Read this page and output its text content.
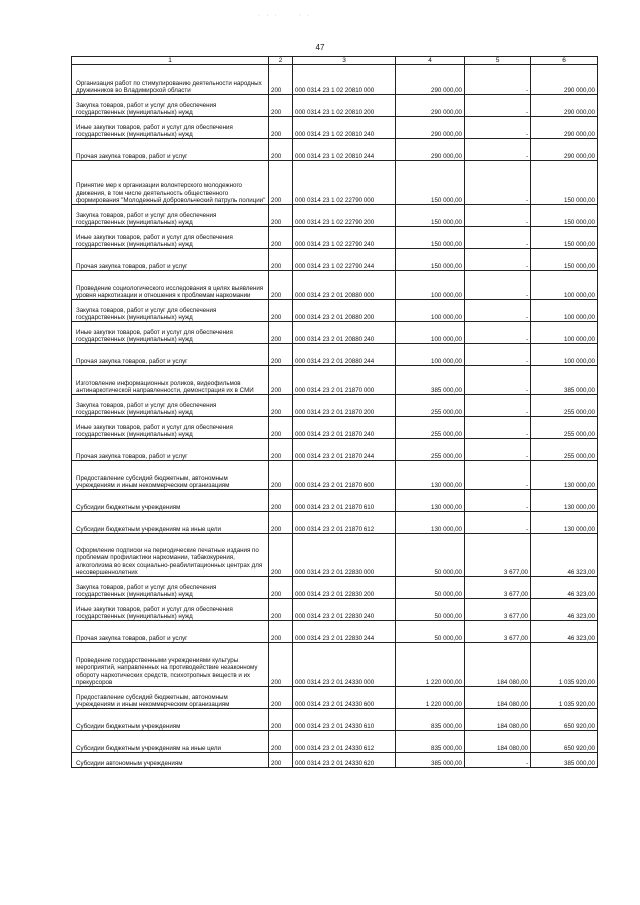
· · ·     · ·
47
1	2	3	4	5	6
Организация работ по стимулированию деятельности народных дружинников во Владимирской области	200	000 0314 23 1 02 20810 000	290 000,00	-	290 000,00
Закупка товаров, работ и услуг для обеспечения государственных (муниципальных) нужд	200	000 0314 23 1 02 20810 200	290 000,00	-	290 000,00
Иные закупки товаров, работ и услуг для обеспечения государственных (муниципальных) нужд	200	000 0314 23 1 02 20810 240	290 000,00	-	290 000,00
Прочая закупка товаров, работ и услуг	200	000 0314 23 1 02 20810 244	290 000,00	-	290 000,00
Принятие мер к организации волонтерского молодежного движения, в том числе деятельность общественного формирования "Молодежный добровольческий патруль полиции"	200	000 0314 23 1 02 22790 000	150 000,00	-	150 000,00
Закупка товаров, работ и услуг для обеспечения государственных (муниципальных) нужд	200	000 0314 23 1 02 22790 200	150 000,00	-	150 000,00
Иные закупки товаров, работ и услуг для обеспечения государственных (муниципальных) нужд	200	000 0314 23 1 02 22790 240	150 000,00	-	150 000,00
Прочая закупка товаров, работ и услуг	200	000 0314 23 1 02 22790 244	150 000,00	-	150 000,00
Проведение социологического исследования в целях выявления уровня наркотизации и отношения к проблемам наркомании	200	000 0314 23 2 01 20880 000	100 000,00	-	100 000,00
Закупка товаров, работ и услуг для обеспечения государственных (муниципальных) нужд	200	000 0314 23 2 01 20880 200	100 000,00	-	100 000,00
Иные закупки товаров, работ и услуг для обеспечения государственных (муниципальных) нужд	200	000 0314 23 2 01 20880 240	100 000,00	-	100 000,00
Прочая закупка товаров, работ и услуг	200	000 0314 23 2 01 20880 244	100 000,00	-	100 000,00
Изготовление информационных роликов, видеофильмов антинаркотической направленности, демонстрация их в СМИ	200	000 0314 23 2 01 21870 000	385 000,00	-	385 000,00
Закупка товаров, работ и услуг для обеспечения государственных (муниципальных) нужд	200	000 0314 23 2 01 21870 200	255 000,00	-	255 000,00
Иные закупки товаров, работ и услуг для обеспечения государственных (муниципальных) нужд	200	000 0314 23 2 01 21870 240	255 000,00	-	255 000,00
Прочая закупка товаров, работ и услуг	200	000 0314 23 2 01 21870 244	255 000,00	-	255 000,00
Предоставление субсидий бюджетным, автономным учреждениям и иным некоммерческим организациям	200	000 0314 23 2 01 21870 600	130 000,00	-	130 000,00
Субсидии бюджетным учреждениям	200	000 0314 23 2 01 21870 610	130 000,00	-	130 000,00
Субсидии бюджетным учреждениям на иные цели	200	000 0314 23 2 01 21870 612	130 000,00	-	130 000,00
Оформление подписки на периодические печатные издания по проблемам профилактики наркомании, табакокурения, алкоголизма во всех социально-реабилитационных центрах для несовершеннолетних	200	000 0314 23 2 01 22830 000	50 000,00	3 677,00	46 323,00
Закупка товаров, работ и услуг для обеспечения государственных (муниципальных) нужд	200	000 0314 23 2 01 22830 200	50 000,00	3 677,00	46 323,00
Иные закупки товаров, работ и услуг для обеспечения государственных (муниципальных) нужд	200	000 0314 23 2 01 22830 240	50 000,00	3 677,00	46 323,00
Прочая закупка товаров, работ и услуг	200	000 0314 23 2 01 22830 244	50 000,00	3 677,00	46 323,00
Проведение государственными учреждениями культуры мероприятий, направленных на противодействие незаконному обороту наркотических средств, психотропных веществ и их прекурсоров	200	000 0314 23 2 01 24330 000	1 220 000,00	184 080,00	1 035 920,00
Предоставление субсидий бюджетным, автономным учреждениям и иным некоммерческим организациям	200	000 0314 23 2 01 24330 600	1 220 000,00	184 080,00	1 035 920,00
Субсидии бюджетным учреждениям	200	000 0314 23 2 01 24330 610	835 000,00	184 080,00	650 920,00
Субсидии бюджетным учреждениям на иные цели	200	000 0314 23 2 01 24330 612	835 000,00	184 080,00	650 920,00
Субсидии автономным учреждениям	200	000 0314 23 2 01 24330 620	385 000,00	-	385 000,00
